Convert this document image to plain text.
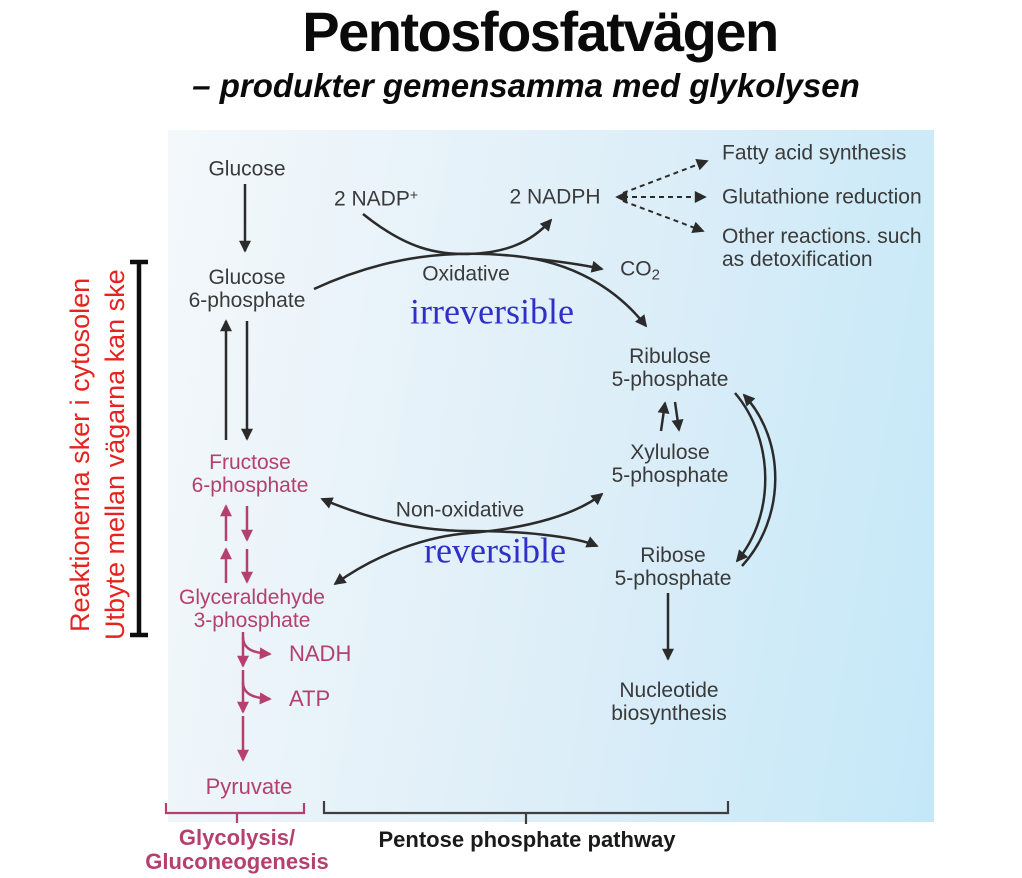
Pentosfosfatvägen
– produkter gemensamma med glykolysen
Reaktionerna sker i cytosolen Utbyte mellan vägarna kan ske
Glucose
Glucose
6-phosphate
2 NADP+	2 NADPH
Oxidative
irreversible
$CO_2$
Fatty acid synthesis
Glutathione reduction
Other reactions. such
as detoxification
Ribulose
5-phosphate
Xylulose
5-phosphate
Ribose
5-phosphate
Nucleotide
biosynthesis
Fructose
6-phosphate
Non-oxidative
reversible
Glyceraldehyde
3-phosphate
NADH
ATP
Pyruvate
Glycolysis/
Gluconeogenesis
Pentose phosphate pathway
